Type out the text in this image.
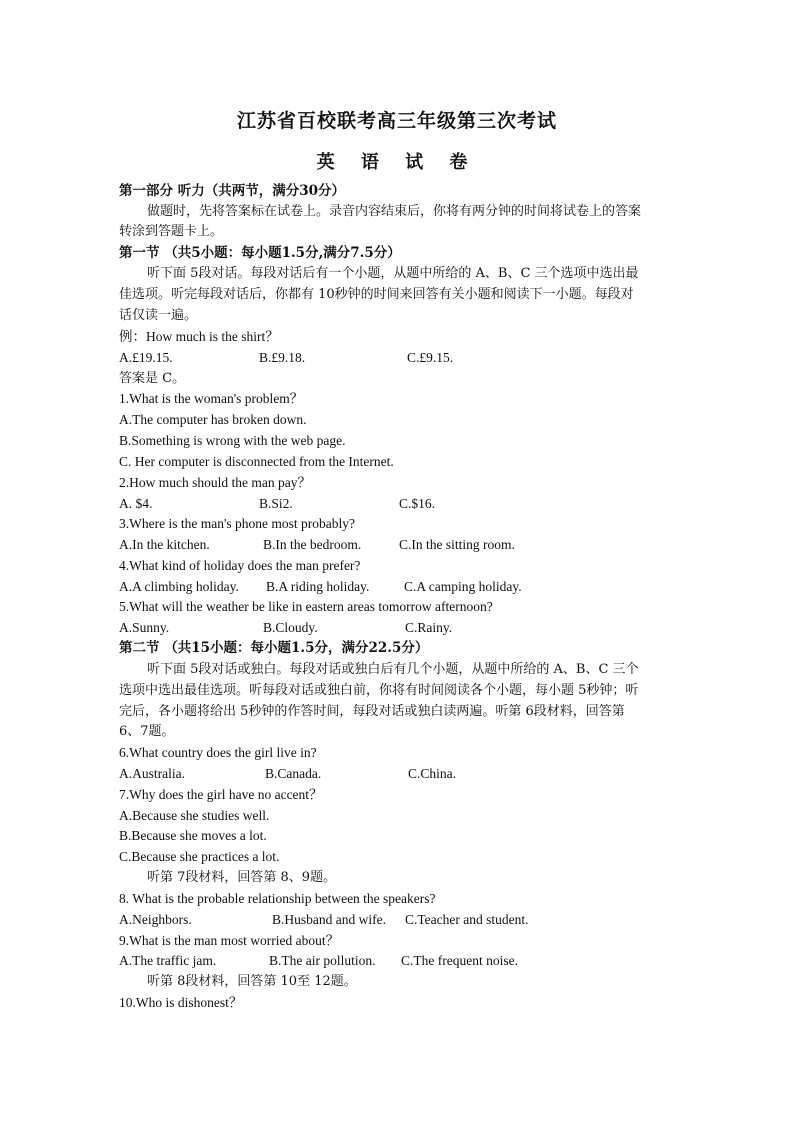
江苏省百校联考高三年级第三次考试
英 语 试 卷
第一部分 听力（共两节，满分30分）
做题时，先将答案标在试卷上。录音内容结束后，你将有两分钟的时间将试卷上的答案
转涂到答题卡上。
第一节 （共5小题：每小题1.5分,满分7.5分）
听下面 5段对话。每段对话后有一个小题，从题中所给的 A、B、C 三个选项中选出最
佳选项。听完每段对话后，你都有 10秒钟的时间来回答有关小题和阅读下一小题。每段对
话仅读一遍。
例：How much is the shirt？
A.£19.15.	B.£9.18.	C.£9.15.
答案是 C。
1.What is the woman's problem？
A.The computer has broken down.
B.Something is wrong with the web page.
C. Her computer is disconnected from the Internet.
2.How much should the man pay？
A. $4.	B.Si2.	C.$16.
3.Where is the man's phone most probably?
A.In the kitchen.	B.In the bedroom.	C.In the sitting room.
4.What kind of holiday does the man prefer?
A.A climbing holiday. B.A riding holiday.	C.A camping holiday.
5.What will the weather be like in eastern areas tomorrow afternoon?
A.Sunny.	B.Cloudy.	C.Rainy.
第二节 （共15小题：每小题1.5分，满分22.5分）
听下面 5段对话或独白。每段对话或独白后有几个小题，从题中所给的 A、B、C 三个
选项中选出最佳选项。听每段对话或独白前，你将有时间阅读各个小题，每小题 5秒钟；听
完后，各小题将给出 5秒钟的作答时间，每段对话或独白读两遍。听第 6段材料，回答第
6、7题。
6.What country does the girl live in?
A.Australia.	B.Canada.	C.China.
7.Why does the girl have no accent？
A.Because she studies well.
B.Because she moves a lot.
C.Because she practices a lot.
听第 7段材料，回答第 8、9题。
8. What is the probable relationship between the speakers?
A.Neighbors.	B.Husband and wife. C.Teacher and student.
9.What is the man most worried about？
A.The traffic jam.	B.The air pollution. C.The frequent noise.
听第 8段材料，回答第 10至 12题。
10.Who is dishonest？
